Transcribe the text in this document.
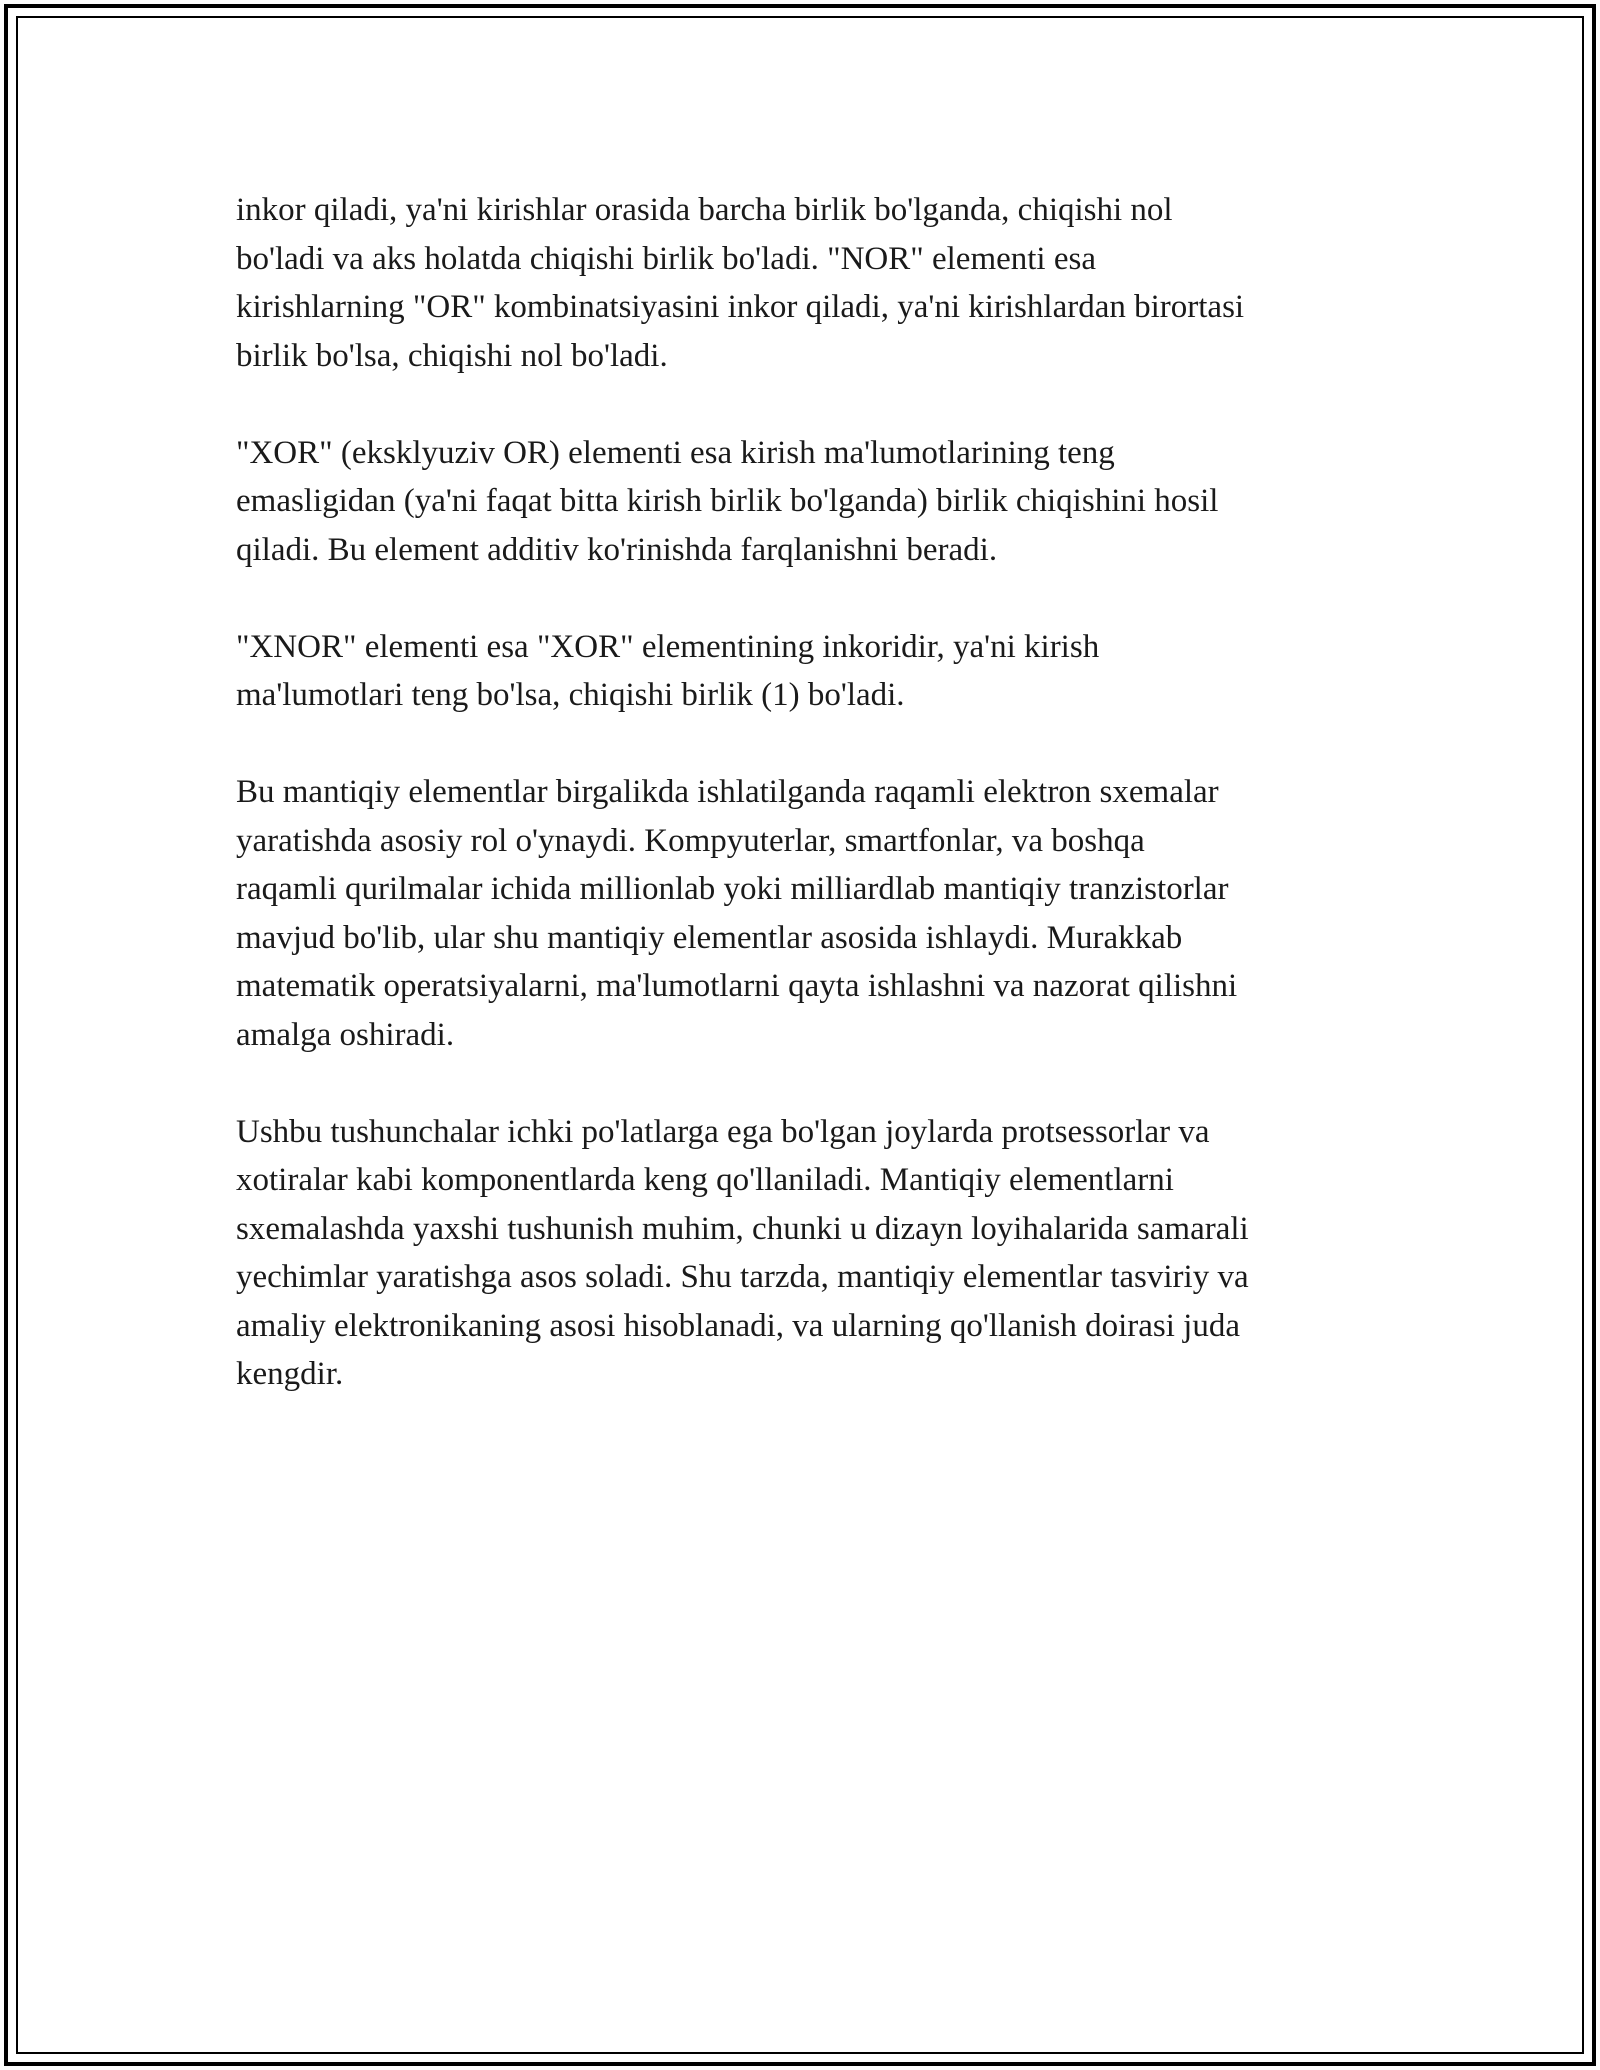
inkor qiladi, ya'ni kirishlar orasida barcha birlik bo'lganda, chiqishi nol
bo'ladi va aks holatda chiqishi birlik bo'ladi. "NOR" elementi esa
kirishlarning "OR" kombinatsiyasini inkor qiladi, ya'ni kirishlardan birortasi
birlik bo'lsa, chiqishi nol bo'ladi.

"XOR" (eksklyuziv OR) elementi esa kirish ma'lumotlarining teng
emasligidan (ya'ni faqat bitta kirish birlik bo'lganda) birlik chiqishini hosil
qiladi. Bu element additiv ko'rinishda farqlanishni beradi.

"XNOR" elementi esa "XOR" elementining inkoridir, ya'ni kirish
ma'lumotlari teng bo'lsa, chiqishi birlik (1) bo'ladi.

Bu mantiqiy elementlar birgalikda ishlatilganda raqamli elektron sxemalar
yaratishda asosiy rol o'ynaydi. Kompyuterlar, smartfonlar, va boshqa
raqamli qurilmalar ichida millionlab yoki milliardlab mantiqiy tranzistorlar
mavjud bo'lib, ular shu mantiqiy elementlar asosida ishlaydi. Murakkab
matematik operatsiyalarni, ma'lumotlarni qayta ishlashni va nazorat qilishni
amalga oshiradi.

Ushbu tushunchalar ichki po'latlarga ega bo'lgan joylarda protsessorlar va
xotiralar kabi komponentlarda keng qo'llaniladi. Mantiqiy elementlarni
sxemalashda yaxshi tushunish muhim, chunki u dizayn loyihalarida samarali
yechimlar yaratishga asos soladi. Shu tarzda, mantiqiy elementlar tasviriy va
amaliy elektronikaning asosi hisoblanadi, va ularning qo'llanish doirasi juda
kengdir.
